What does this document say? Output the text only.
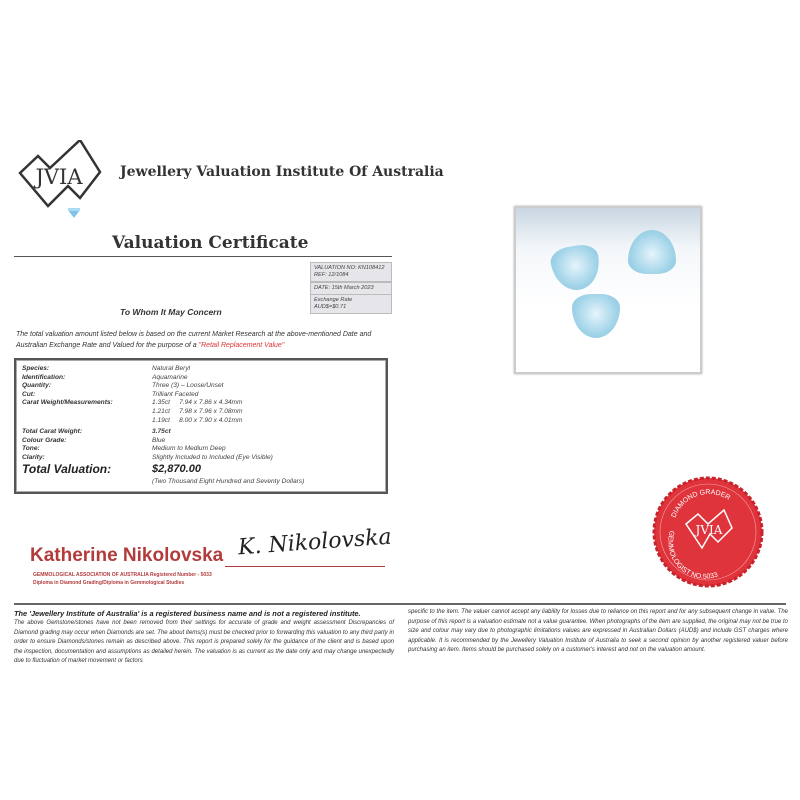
JVIA	Jewellery Valuation Institute Of Australia
Valuation Certificate
VALUATION NO: KN108412
REF: 12/1084
DATE: 15th March 2023
Exchange Rate
AUD$=$0.71
To Whom It May Concern
The total valuation amount listed below is based on the current Market Research at the above-mentioned Date and Australian Exchange Rate and Valued for the purpose of a "Retail Replacement Value"
Species:	Natural Beryl
Identification:	Aquamarine
Quantity:	Three (3) – Loose/Unset
Cut:	Trilliant Faceted
Carat Weight/Measurements:	1.35ct     7.94 x 7.86 x 4.34mm
1.21ct     7.98 x 7.96 x 7.08mm
1.19ct     8.00 x 7.90 x 4.01mm
Total Carat Weight:	3.75ct
Colour Grade:	Blue
Tone:	Medium to Medium Deep
Clarity:	Slightly Included to Included (Eye Visible)
Total Valuation:	$2,870.00
(Two Thousand Eight Hundred and Seventy Dollars)
DIAMOND GRADER
GEMMOLOGIST NO.5033
JVIA
Katherine Nikolovska K. Nikolovska
GEMMOLOGICAL ASSOCIATION OF AUSTRALIA Registered Number - 5033
Diploma in Diamond Grading/Diploma in Gemmological Studies
The 'Jewellery Institute of Australia' is a registered business name and is not a registered institute.
The above Gemstone/stones have not been removed from their settings for accurate of grade and weight assessment Discrepancies of Diamond grading may occur when Diamonds are set. The about items(s) must be checked prior to forwarding this valuation to any third party in order to ensure Diamonds/stones remain as described above. This report is prepared solely for the guidance of the client and is based upon the inspection, documentation and assumptions as detailed herein. The valuation is as current as the date only and may change unexpectedly due to fluctuation of market movement or factors
specific to the item. The valuer cannot accept any liability for losses due to reliance on this report and for any subsequent change in value. The purpose of this report is a valuation estimate not a value guarantee. When photographs of the item are supplied, the original may not be true to size and colour may vary due to photographic limitations values are expressed in Australian Dollars (AUD$) and include GST charges where applicable. It is recommended by the Jewellery Valuation Institute of Australia to seek a second opinion by another registered valuer before purchasing an item. Items should be purchased solely on a customer's interest and not on the valuation amount.
